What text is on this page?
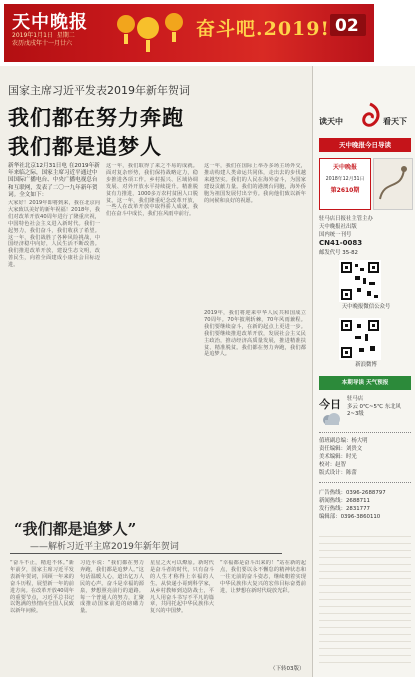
天中晚报
2019年1月1日  星期二
农历戊戌年十一月廿六
奋斗吧.2019! 02
国家主席习近平发表2019年新年贺词
我们都在努力奔跑
我们都是追梦人
新华社北京12月31日电 在2019年新年来临之际，国家主席习近平通过中国国际广播电台、中央广播电视总台和互联网，发表了二〇一九年新年贺词。全文如下：
大家好！2019年即将到来，我在北京向大家致以美好的新年祝福！2018年，我们对改革开放40周年进行了隆重庆祝，中国特色社会主义进入新时代。我们一起努力，我们奋斗，我们收获了希望。这一年，我们战胜了各种风险挑战，中国经济稳中向好，人民生活不断改善。我们推进改革开放，建设生态文明，改善民生，向着全面建成小康社会目标迈进。
这一年，我们取得了来之不易的成就。面对复杂形势，我们保持战略定力，稳步推进各项工作。乡村振兴、区域协调发展、对外开放水平持续提升。精准脱贫有力推进，1000多万农村贫困人口脱贫。这一年，我们隆重纪念改革开放，一些人在改革开放中取得骄人成就。我们在奋斗中成长，我们在风雨中前行。
这一年，我们在国际上举办多场主场外交，推动构建人类命运共同体，走出去的步伐越来越坚实。我们的人民在海外奋斗，为国家建设贡献力量。我们的港澳台同胞，海外侨胞为祖国发展付出辛劳。我向他们致以新年的问候和良好的祝愿。
2019年，我们将迎来中华人民共和国成立70周年。70年披荆斩棘，70年风雨兼程。我们要继续奋斗，在新的起点上更进一步。我们要继续推进改革开放，发展社会主义民主政治，推动经济高质量发展，推进精准扶贫、精准脱贫。我们都在努力奔跑，我们都是追梦人。
“我们都是追梦人”
——解析习近平主席2019年新年贺词
“奋斗不止，精进不休。”新年前夕，国家主席习近平发表新年贺词，回顾一年来的奋斗历程，展望新一年的前进方向。在改革开放40周年的重要节点，习近平总书记以饱满的热情向全国人民致以新年问候。
习近平说：“我们都在努力奔跑，我们都是追梦人。”这句话温暖人心，道出亿万人民的心声。奋斗是幸福的源泉，梦想照亮前行的道路。每一个普通人的努力，汇聚成推动国家前进的磅礴力量。
星星之火可以燎原。新时代是奋斗者的时代，只有奋斗的人生才称得上幸福的人生。从快递小哥到科学家，从乡村教师到边防战士，平凡人用奋斗书写不平凡的篇章，共同托起中华民族伟大复兴的中国梦。
“幸福都是奋斗出来的！”站在新的起点，我们要以永不懈怠的精神状态和一往无前的奋斗姿态，继续朝着实现中华民族伟大复兴的宏伟目标奋勇前进，让梦想在新时代绽放光彩。
（下转03版）
读天中	看天下
天中晚报今日导读
天中晚报
2018年12月31日
第2610期
驻马店日报社主管主办
天中晚报社出版
国内统一刊号
CN41-0083
邮发代号 35-82
天中晚报微信公众号
新浪微博
本期导读 天气预报
今日 驻马店
多云 0℃~5℃ 东北风2~3级
值班副总编：杨大明
责任编辑：刘贵文
美术编辑：时光
校对：赵智
版式设计：陈蕾
广告热线：0396-2688797
新闻热线：2688711
发行热线：2831777
编辑部：0396-3860110
